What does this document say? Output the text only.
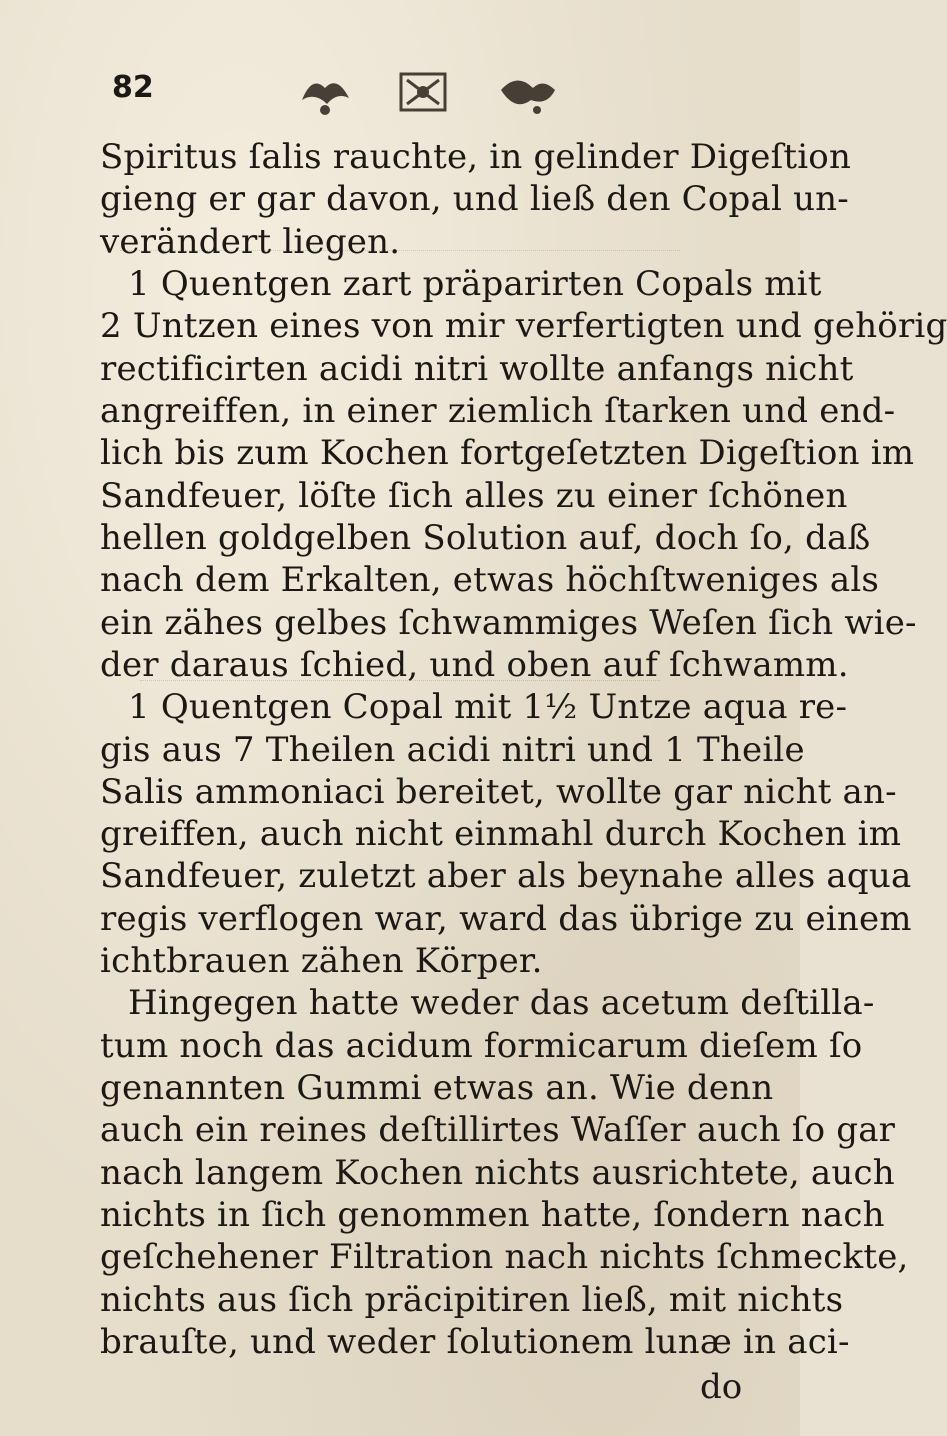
82
Spiritus ſalis rauchte, in gelinder Digeſtion
gieng er gar davon, und ließ den Copal un-
verändert liegen.
1 Quentgen zart präparirten Copals mit
2 Untzen eines von mir verfertigten und gehörig
rectificirten acidi nitri wollte anfangs nicht
angreiffen, in einer ziemlich ſtarken und end-
lich bis zum Kochen fortgeſetzten Digeſtion im
Sandfeuer, löſte ſich alles zu einer ſchönen
hellen goldgelben Solution auf, doch ſo, daß
nach dem Erkalten, etwas höchſtweniges als
ein zähes gelbes ſchwammiges Weſen ſich wie-
der daraus ſchied, und oben auf ſchwamm.
1 Quentgen Copal mit 1½ Untze aqua re-
gis aus 7 Theilen acidi nitri und 1 Theile
Salis ammoniaci bereitet, wollte gar nicht an-
greiffen, auch nicht einmahl durch Kochen im
Sandfeuer, zuletzt aber als beynahe alles aqua
regis verflogen war, ward das übrige zu einem
ichtbrauen zähen Körper.
Hingegen hatte weder das acetum deſtilla-
tum noch das acidum formicarum dieſem ſo
genannten Gummi etwas an. Wie denn
auch ein reines deſtillirtes Waſſer auch ſo gar
nach langem Kochen nichts ausrichtete, auch
nichts in ſich genommen hatte, ſondern nach
geſchehener Filtration nach nichts ſchmeckte,
nichts aus ſich präcipitiren ließ, mit nichts
brauſte, und weder ſolutionem lunæ in aci-
do
